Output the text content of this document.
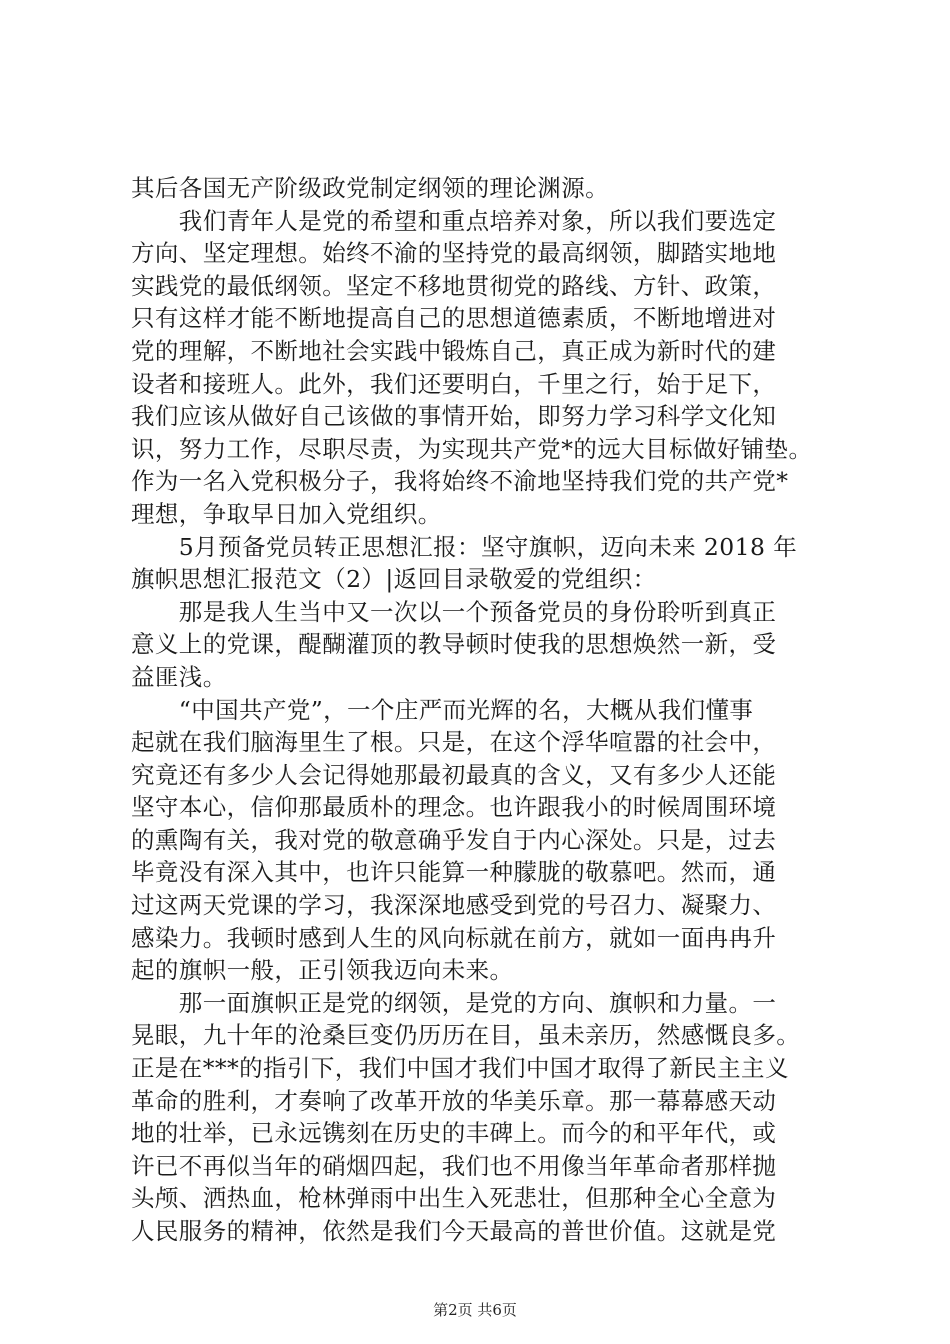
其后各国无产阶级政党制定纲领的理论渊源。
　　我们青年人是党的希望和重点培养对象，所以我们要选定
方向、坚定理想。始终不渝的坚持党的最高纲领，脚踏实地地
实践党的最低纲领。坚定不移地贯彻党的路线、方针、政策，
只有这样才能不断地提高自己的思想道德素质，不断地增进对
党的理解，不断地社会实践中锻炼自己，真正成为新时代的建
设者和接班人。此外，我们还要明白，千里之行，始于足下，
我们应该从做好自己该做的事情开始，即努力学习科学文化知
识，努力工作，尽职尽责，为实现共产党*的远大目标做好铺垫。
作为一名入党积极分子，我将始终不渝地坚持我们党的共产党*
理想，争取早日加入党组织。
　　5月预备党员转正思想汇报：坚守旗帜，迈向未来 2018 年
旗帜思想汇报范文（2）|返回目录敬爱的党组织：
　　那是我人生当中又一次以一个预备党员的身份聆听到真正
意义上的党课，醍醐灌顶的教导顿时使我的思想焕然一新，受
益匪浅。
　　“中国共产党”，一个庄严而光辉的名，大概从我们懂事
起就在我们脑海里生了根。只是，在这个浮华喧嚣的社会中，
究竟还有多少人会记得她那最初最真的含义，又有多少人还能
坚守本心，信仰那最质朴的理念。也许跟我小的时候周围环境
的熏陶有关，我对党的敬意确乎发自于内心深处。只是，过去
毕竟没有深入其中，也许只能算一种朦胧的敬慕吧。然而，通
过这两天党课的学习，我深深地感受到党的号召力、凝聚力、
感染力。我顿时感到人生的风向标就在前方，就如一面冉冉升
起的旗帜一般，正引领我迈向未来。
　　那一面旗帜正是党的纲领，是党的方向、旗帜和力量。一
晃眼，九十年的沧桑巨变仍历历在目，虽未亲历，然感慨良多。
正是在***的指引下，我们中国才我们中国才取得了新民主主义
革命的胜利，才奏响了改革开放的华美乐章。那一幕幕感天动
地的壮举，已永远镌刻在历史的丰碑上。而今的和平年代，或
许已不再似当年的硝烟四起，我们也不用像当年革命者那样抛
头颅、洒热血，枪林弹雨中出生入死悲壮，但那种全心全意为
人民服务的精神，依然是我们今天最高的普世价值。这就是党
第2页 共6页
